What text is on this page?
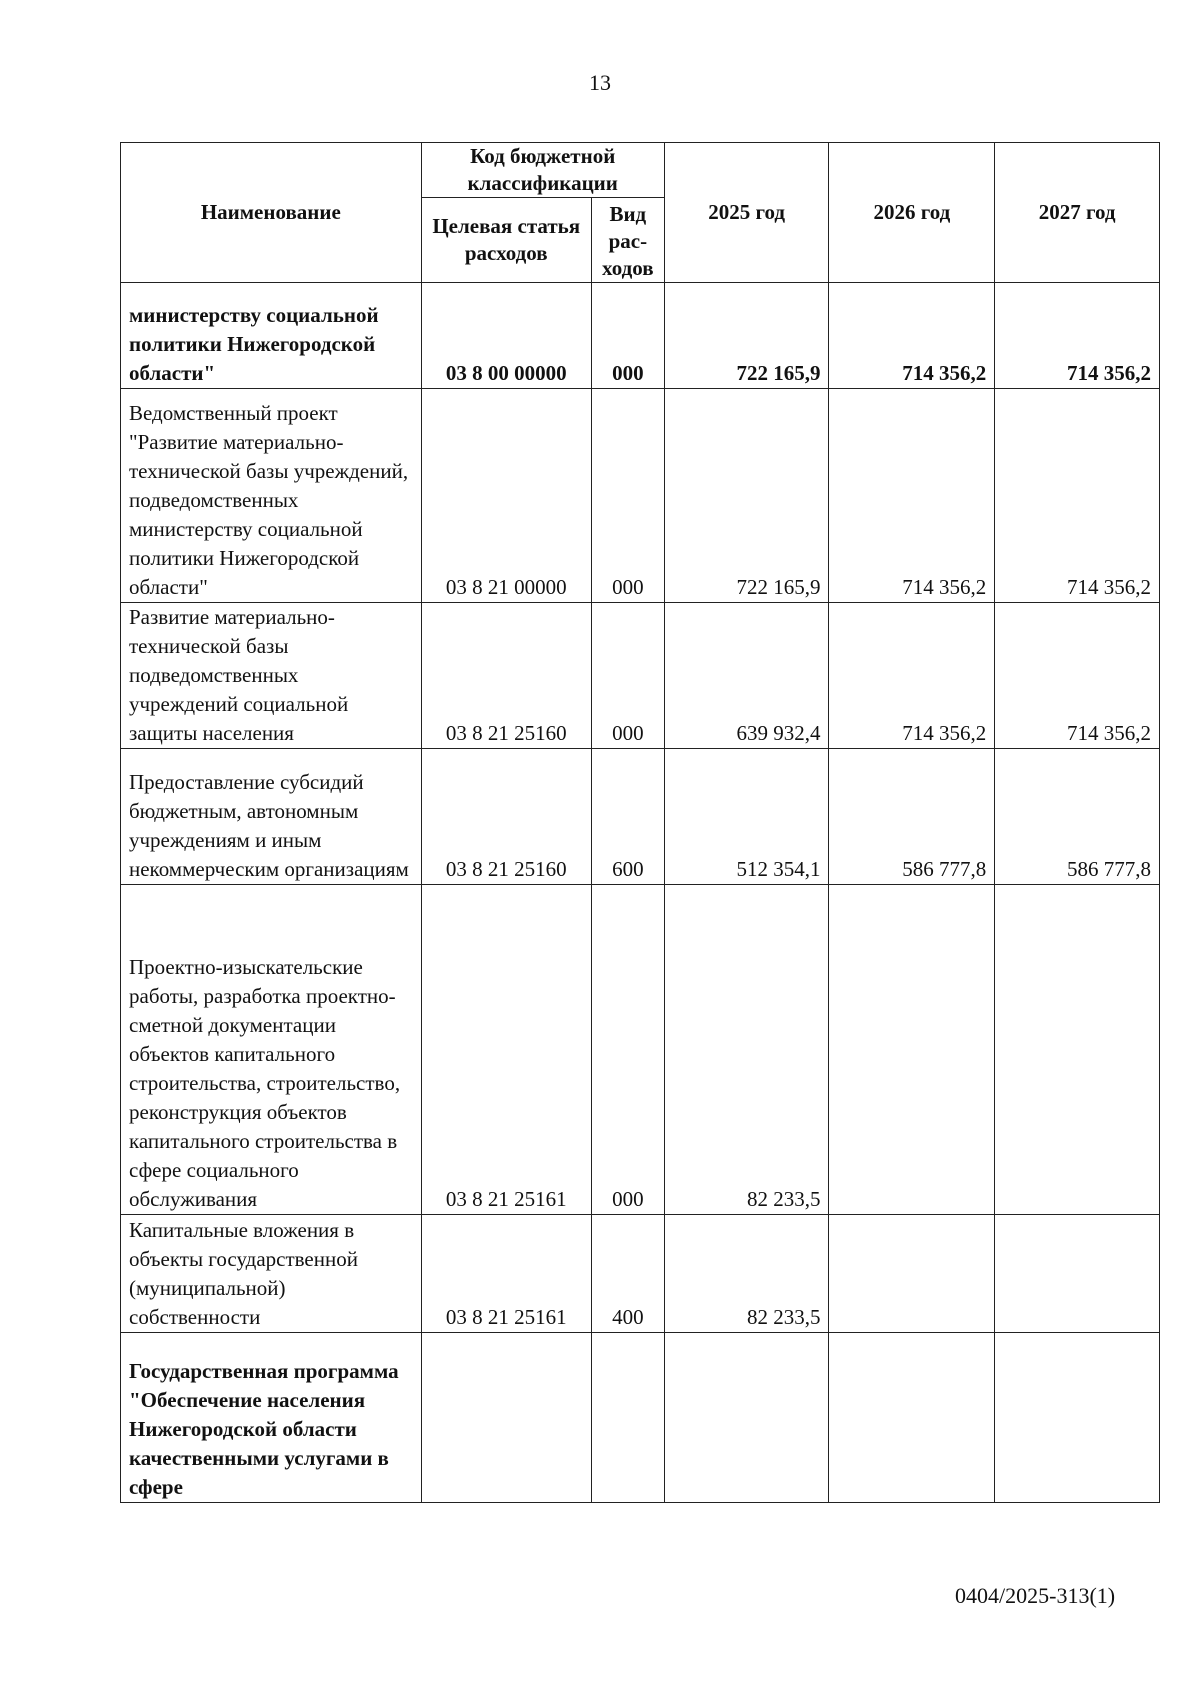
13
Наименование	Код бюджетной классификации		2025 год	2026 год	2027 год
	Целевая статья расходов	Вид рас-ходов			
министерству социальной политики Нижегородской области"	03 8 00 00000	000	722 165,9	714 356,2	714 356,2
Ведомственный проект "Развитие материально-технической базы учреждений, подведомственных министерству социальной политики Нижегородской области"	03 8 21 00000	000	722 165,9	714 356,2	714 356,2
Развитие материально-технической базы подведомственных учреждений социальной защиты населения	03 8 21 25160	000	639 932,4	714 356,2	714 356,2
Предоставление субсидий бюджетным, автономным учреждениям и иным некоммерческим организациям	03 8 21 25160	600	512 354,1	586 777,8	586 777,8
Проектно-изыскательские работы, разработка проектно-сметной документации объектов капитального строительства, строительство, реконструкция объектов капитального строительства в сфере социального обслуживания	03 8 21 25161	000	82 233,5		
Капитальные вложения в объекты государственной (муниципальной) собственности	03 8 21 25161	400	82 233,5		
Государственная программа "Обеспечение населения Нижегородской области качественными услугами в сфере					
0404/2025-313(1)
